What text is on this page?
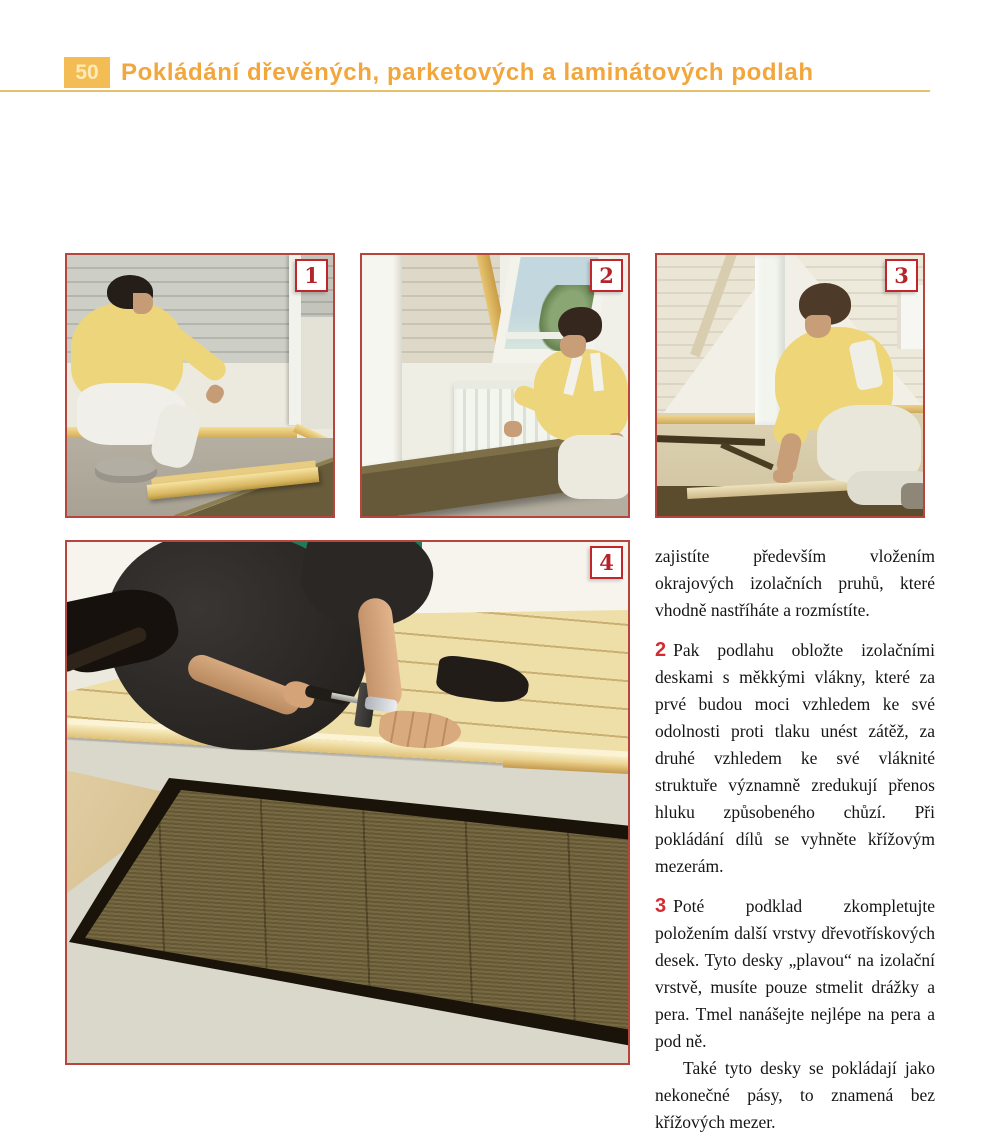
50 Pokládání dřevěných, parketových a laminátových podlah
1	2	3
4	zajistíte především vložením okrajových izolačních pruhů, které vhodně nastříháte a rozmístíte.

2 Pak podlahu obložte izolačními deskami s měkkými vlákny, které za prvé budou moci vzhledem ke své odolnosti proti tlaku unést zátěž, za druhé vzhledem ke své vláknité struktuře významně zredukují přenos hluku způsobeného chůzí. Při pokládání dílů se vyhněte křížovým mezerám.

3 Poté podklad zkompletujte položením další vrstvy dřevotřískových desek. Tyto desky „plavou“ na izolační vrstvě, musíte pouze stmelit drážky a pera. Tmel nanášejte nejlépe na pera a pod ně.

Také tyto desky se pokládají jako nekonečné pásy, to znamená bez křížových mezer.
